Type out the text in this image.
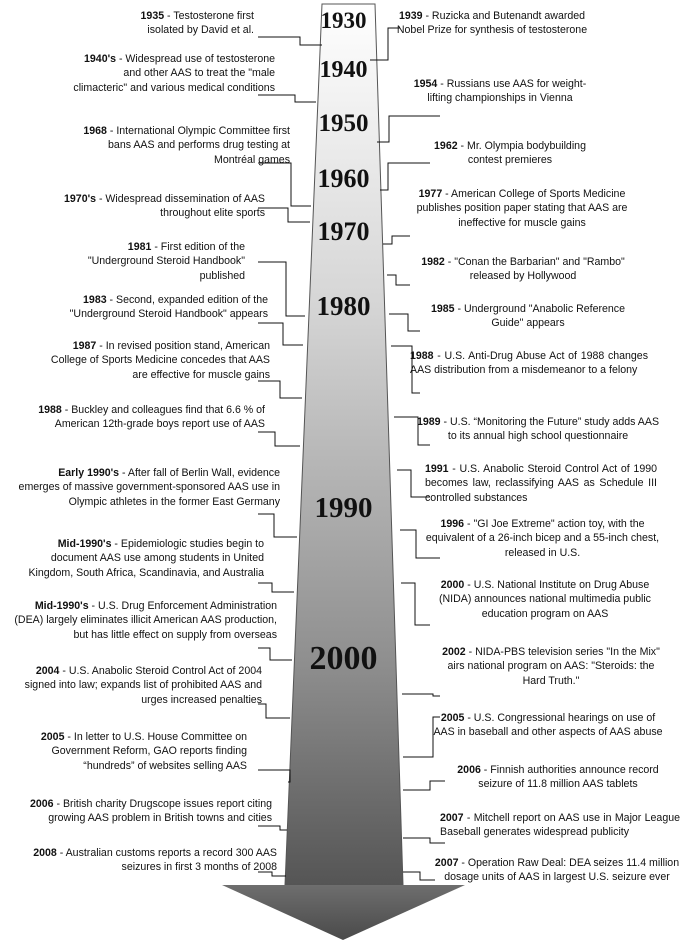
1930
1940
1950
1960
1970
1980
1990
2000
1935 - Testosterone first isolated by David et al.
1940's - Widespread use of testosterone and other AAS to treat the "male climacteric" and various medical conditions
1968 - International Olympic Committee first bans AAS and performs drug testing at Montréal games
1970's - Widespread dissemination of AAS throughout elite sports
1981 - First edition of the "Underground Steroid Handbook" published
1983 - Second, expanded edition of the "Underground Steroid Handbook" appears
1987 - In revised position stand, American College of Sports Medicine concedes that AAS are effective for muscle gains
1988 - Buckley and colleagues find that 6.6 % of American 12th-grade boys report use of AAS
Early 1990's - After fall of Berlin Wall, evidence emerges of massive government-sponsored AAS use in Olympic athletes in the former East Germany
Mid-1990's - Epidemiologic studies begin to document AAS use among students in United Kingdom, South Africa, Scandinavia, and Australia
Mid-1990's - U.S. Drug Enforcement Administration (DEA) largely eliminates illicit American AAS production, but has little effect on supply from overseas
2004 - U.S. Anabolic Steroid Control Act of 2004 signed into law; expands list of prohibited AAS and urges increased penalties
2005 - In letter to U.S. House Committee on Government Reform, GAO reports finding “hundreds” of websites selling AAS
2006 - British charity Drugscope issues report citing growing AAS problem in British towns and cities
2008 - Australian customs reports a record 300 AAS seizures in first 3 months of 2008
1939 - Ruzicka and Butenandt awarded Nobel Prize for synthesis of testosterone
1954 - Russians use AAS for weight-lifting championships in Vienna
1962 - Mr. Olympia bodybuilding contest premieres
1977 - American College of Sports Medicine publishes position paper stating that AAS are ineffective for muscle gains
1982 - "Conan the Barbarian" and "Rambo" released by Hollywood
1985 - Underground "Anabolic Reference Guide" appears
1988 - U.S. Anti-Drug Abuse Act of 1988 changes AAS distribution from a misdemeanor to a felony
1989 - U.S. “Monitoring the Future” study adds AAS to its annual high school questionnaire
1991 - U.S. Anabolic Steroid Control Act of 1990 becomes law, reclassifying AAS as Schedule III controlled substances
1996 - "GI Joe Extreme" action toy, with the equivalent of a 26-inch bicep and a 55-inch chest, released in U.S.
2000 - U.S. National Institute on Drug Abuse (NIDA) announces national multimedia public education program on AAS
2002 - NIDA-PBS television series "In the Mix" airs national program on AAS: "Steroids: the Hard Truth."
2005 - U.S. Congressional hearings on use of AAS in baseball and other aspects of AAS abuse
2006 - Finnish authorities announce record seizure of 11.8 million AAS tablets
2007 - Mitchell report on AAS use in Major League Baseball generates widespread publicity
2007 - Operation Raw Deal: DEA seizes 11.4 million dosage units of AAS in largest U.S. seizure ever
